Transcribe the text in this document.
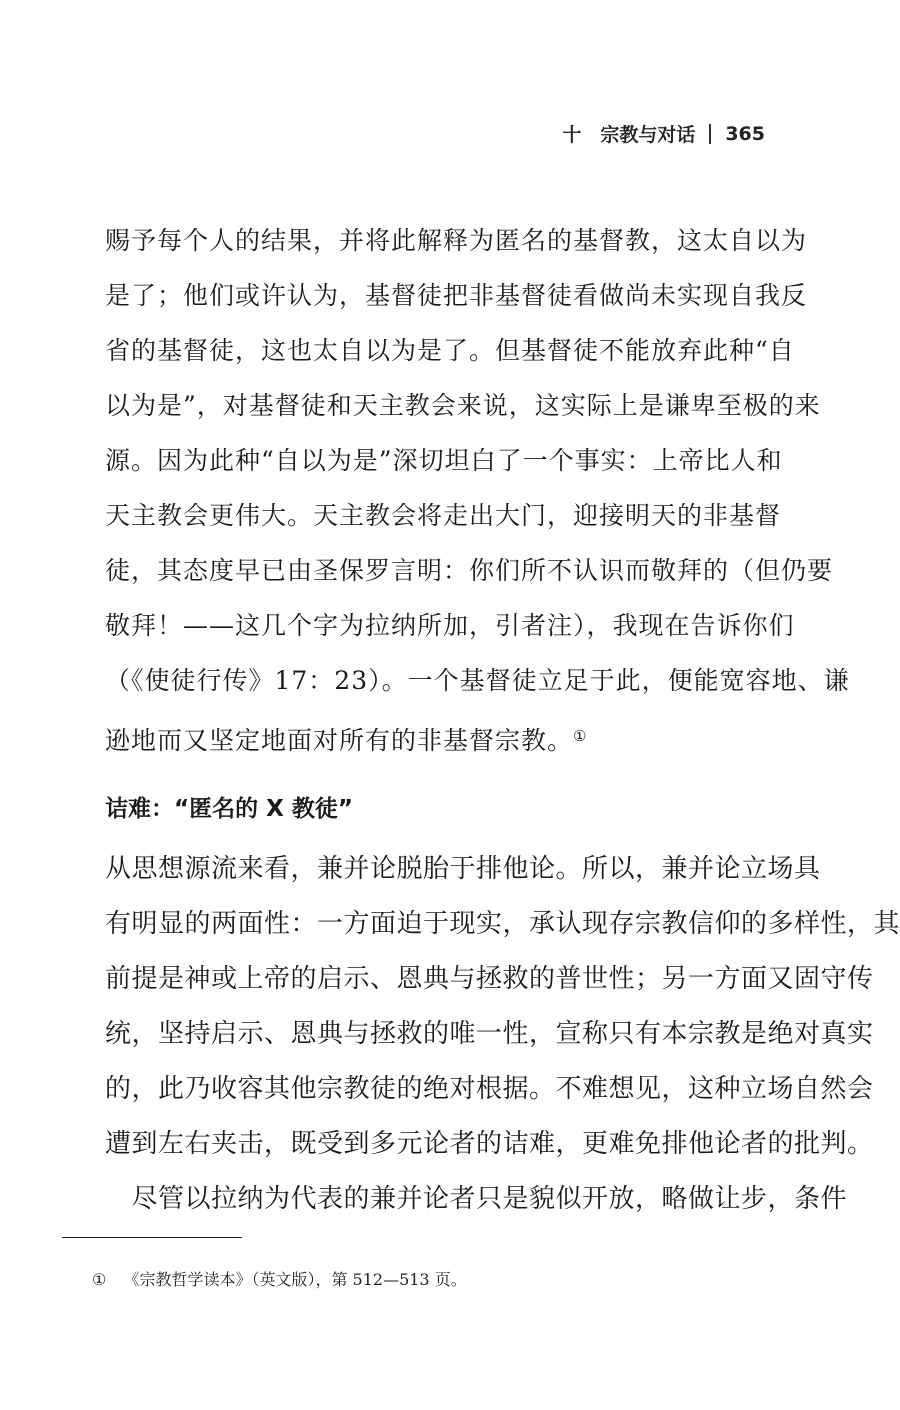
十　宗教与对话 365
赐予每个人的结果，并将此解释为匿名的基督教，这太自以为
是了；他们或许认为，基督徒把非基督徒看做尚未实现自我反
省的基督徒，这也太自以为是了。但基督徒不能放弃此种“自
以为是”，对基督徒和天主教会来说，这实际上是谦卑至极的来
源。因为此种“自以为是”深切坦白了一个事实：上帝比人和
天主教会更伟大。天主教会将走出大门，迎接明天的非基督
徒，其态度早已由圣保罗言明：你们所不认识而敬拜的（但仍要
敬拜！——这几个字为拉纳所加，引者注），我现在告诉你们
（《使徒行传》17：23）。一个基督徒立足于此，便能宽容地、谦
逊地而又坚定地面对所有的非基督宗教。①
诘难：“匿名的 X 教徒”
从思想源流来看，兼并论脱胎于排他论。所以，兼并论立场具
有明显的两面性：一方面迫于现实，承认现存宗教信仰的多样性，其
前提是神或上帝的启示、恩典与拯救的普世性；另一方面又固守传
统，坚持启示、恩典与拯救的唯一性，宣称只有本宗教是绝对真实
的，此乃收容其他宗教徒的绝对根据。不难想见，这种立场自然会
遭到左右夹击，既受到多元论者的诘难，更难免排他论者的批判。
　尽管以拉纳为代表的兼并论者只是貌似开放，略做让步，条件
① 《宗教哲学读本》（英文版），第 512—513 页。
